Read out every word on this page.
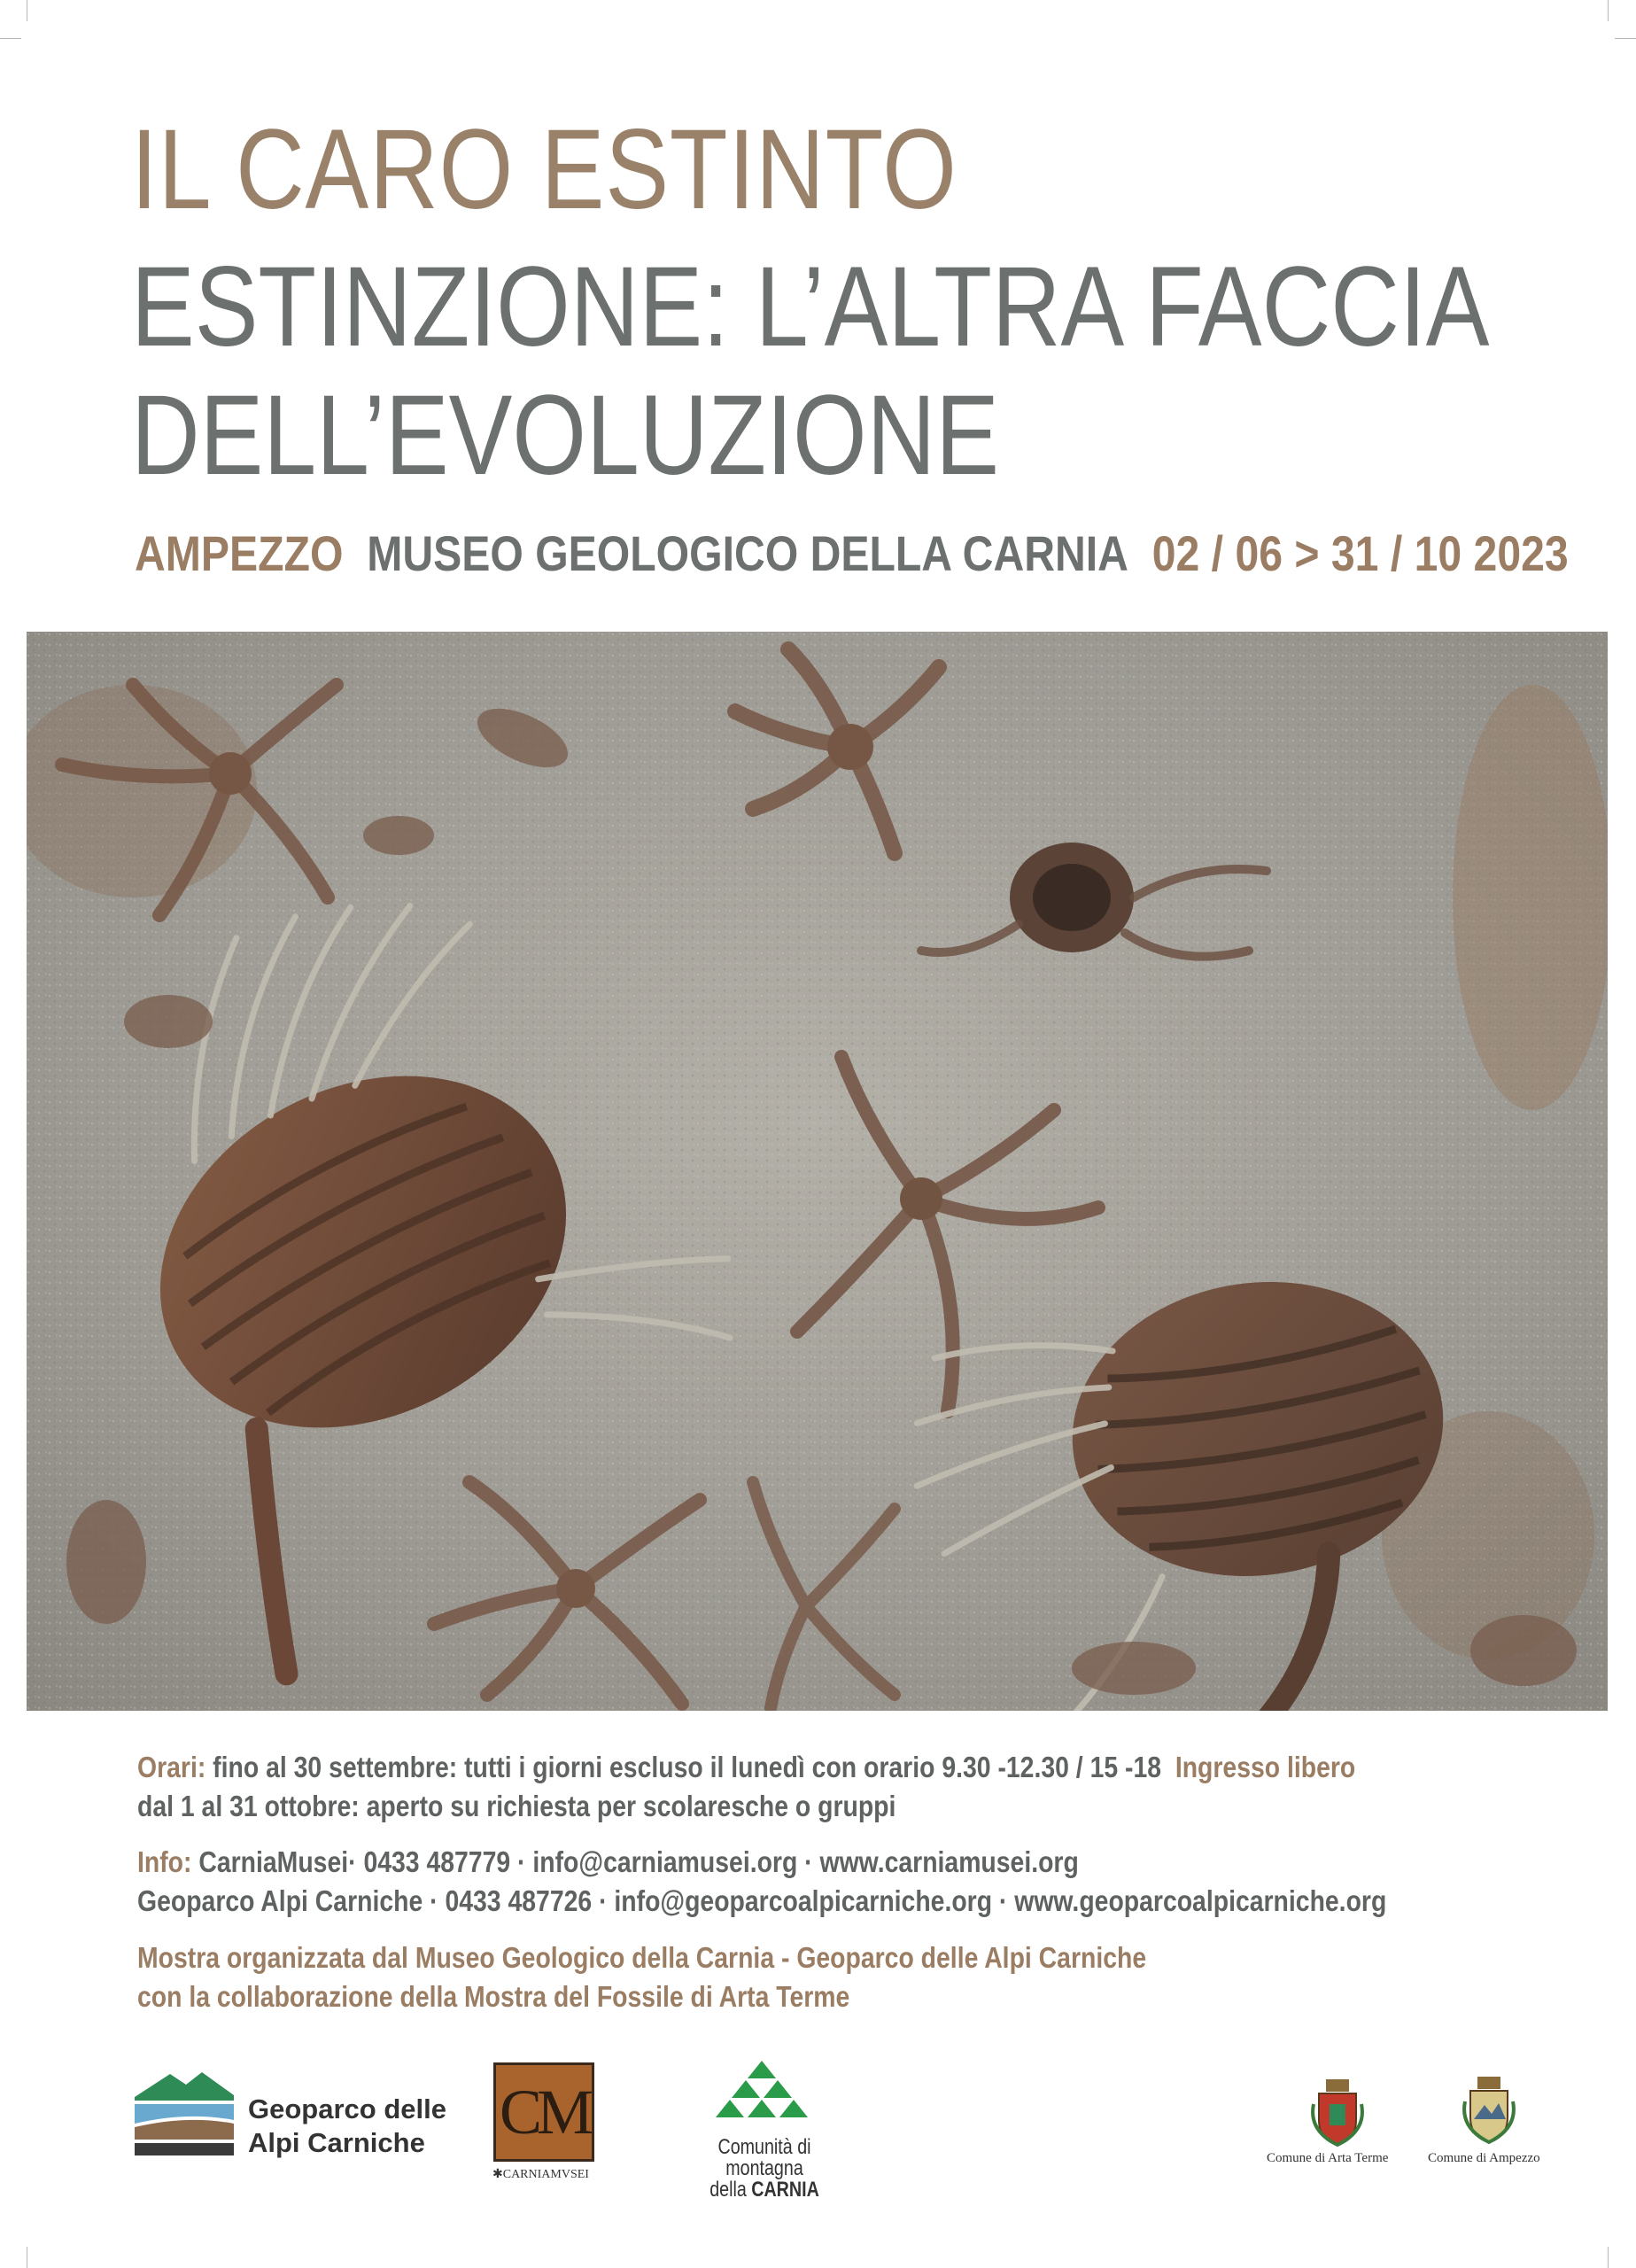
IL CARO ESTINTO
ESTINZIONE: L’ALTRA FACCIA
DELL’EVOLUZIONE
AMPEZZO MUSEO GEOLOGICO DELLA CARNIA 02 / 06 > 31 / 10 2023
Orari: fino al 30 settembre: tutti i giorni escluso il lunedì con orario 9.30 -12.30 / 15 -18 Ingresso libero
dal 1 al 31 ottobre: aperto su richiesta per scolaresche o gruppi
Info: CarniaMusei· 0433 487779 · info@carniamusei.org · www.carniamusei.org
Geoparco Alpi Carniche · 0433 487726 · info@geoparcoalpicarniche.org · www.geoparcoalpicarniche.org
Mostra organizzata dal Museo Geologico della Carnia - Geoparco delle Alpi Carniche
con la collaborazione della Mostra del Fossile di Arta Terme
Geoparco delle
Alpi Carniche	CM
✱CARNIAMVSEI
Comunità di montagna
della CARNIA
Comune di Arta Terme	Comune di Ampezzo
